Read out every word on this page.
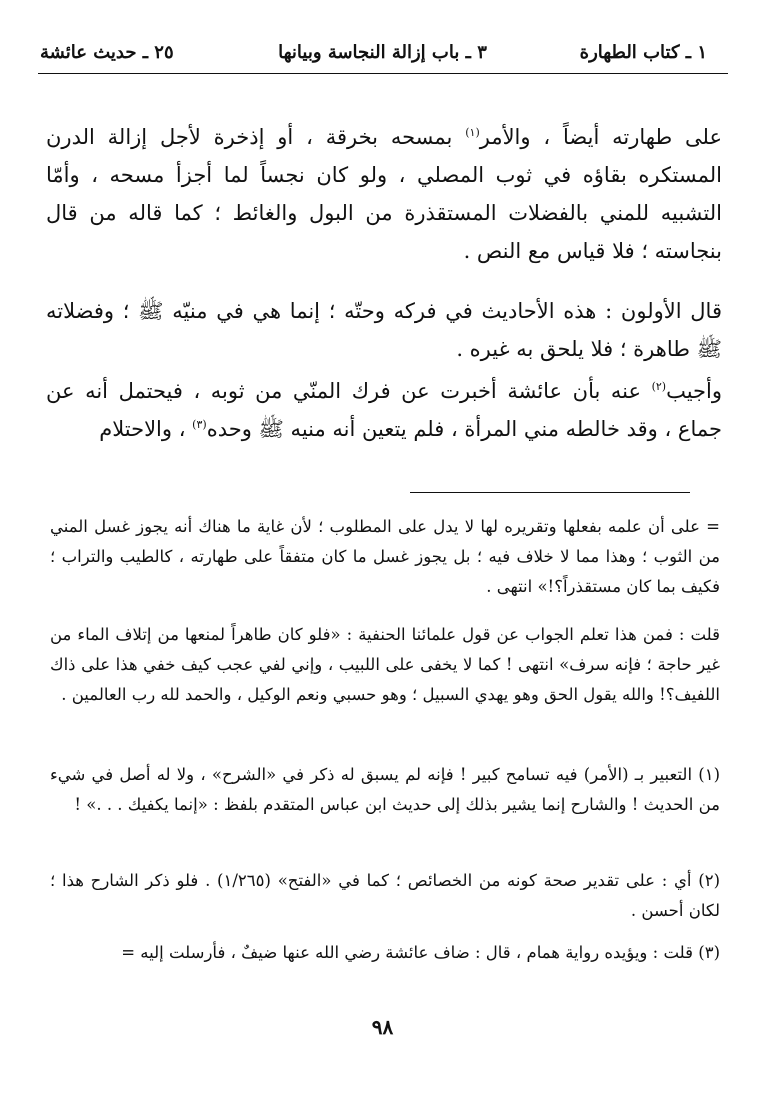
١ ـ كتاب الطهارة
٣ ـ باب إزالة النجاسة وبيانها
٢٥ ـ حديث عائشة
على طهارته أيضاً ، والأمر$^{(١)}$ بمسحه بخرقة ، أو إذخرة لأجل إزالة الدرن المستكره بقاؤه في ثوب المصلي ، ولو كان نجساً لما أجزأ مسحه ، وأمّا التشبيه للمني بالفضلات المستقذرة من البول والغائط ؛ كما قاله من قال بنجاسته ؛ فلا قياس مع النص .
قال الأولون : هذه الأحاديث في فركه وحتّه ؛ إنما هي في منيّه ﷺ ؛ وفضلاته ﷺ طاهرة ؛ فلا يلحق به غيره .
وأجيب$^{(٢)}$ عنه بأن عائشة أخبرت عن فرك المنّي من ثوبه ، فيحتمل أنه عن جماع ، وقد خالطه مني المرأة ، فلم يتعين أنه منيه ﷺ وحده$^{(٣)}$ ، والاحتلام
= على أن علمه بفعلها وتقريره لها لا يدل على المطلوب ؛ لأن غاية ما هناك أنه يجوز غسل المني من الثوب ؛ وهذا مما لا خلاف فيه ؛ بل يجوز غسل ما كان متفقاً على طهارته ، كالطيب والتراب ؛ فكيف بما كان مستقذراً؟!» انتهى .
قلت : فمن هذا تعلم الجواب عن قول علمائنا الحنفية : «فلو كان طاهراً لمنعها من إتلاف الماء من غير حاجة ؛ فإنه سرف» انتهى ! كما لا يخفى على اللبيب ، وإني لفي عجب كيف خفي هذا على ذاك اللفيف؟! والله يقول الحق وهو يهدي السبيل ؛ وهو حسبي ونعم الوكيل ، والحمد لله رب العالمين .
(١) التعبير بـ (الأمر) فيه تسامح كبير ! فإنه لم يسبق له ذكر في «الشرح» ، ولا له أصل في شيء من الحديث ! والشارح إنما يشير بذلك إلى حديث ابن عباس المتقدم بلفظ : «إنما يكفيك . . .» !
(٢) أي : على تقدير صحة كونه من الخصائص ؛ كما في «الفتح» (١/٢٦٥) . فلو ذكر الشارح هذا ؛ لكان أحسن .
(٣) قلت : ويؤيده رواية همام ، قال : ضاف عائشة رضي الله عنها ضيفٌ ، فأرسلت إليه =
٩٨
